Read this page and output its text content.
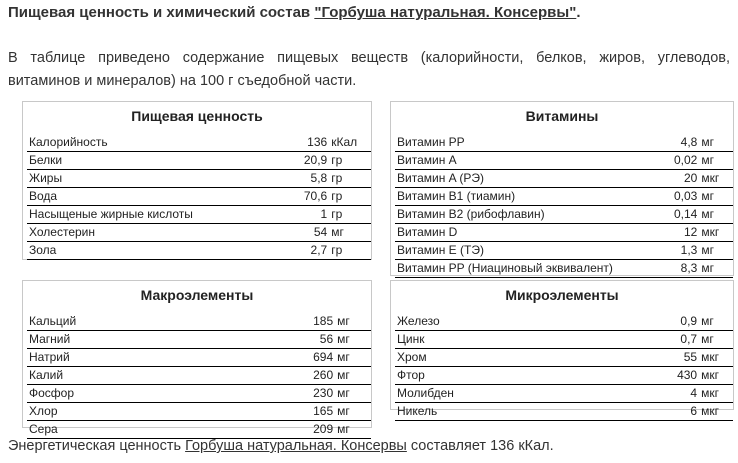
Пищевая ценность и химический состав "Горбуша натуральная. Консервы".
В таблице приведено содержание пищевых веществ (калорийности, белков, жиров, углеводов,
витаминов и минералов) на 100 г съедобной части.
Пищевая ценность
Калорийность	136	кКал
Белки	20,9	гр
Жиры	5,8	гр
Вода	70,6	гр
Насыщеные жирные кислоты	1	гр
Холестерин	54	мг
Зола	2,7	гр
Витамины
Витамин PP	4,8	мг
Витамин A	0,02	мг
Витамин A (РЭ)	20	мкг
Витамин B1 (тиамин)	0,03	мг
Витамин B2 (рибофлавин)	0,14	мг
Витамин D	12	мкг
Витамин E (ТЭ)	1,3	мг
Витамин PP (Ниациновый эквивалент)	8,3	мг
Макроэлементы
Кальций	185	мг
Магний	56	мг
Натрий	694	мг
Калий	260	мг
Фосфор	230	мг
Хлор	165	мг
Сера	209	мг
Микроэлементы
Железо	0,9	мг
Цинк	0,7	мг
Хром	55	мкг
Фтор	430	мкг
Молибден	4	мкг
Никель	6	мкг
Энергетическая ценность Горбуша натуральная. Консервы составляет 136 кКал.
